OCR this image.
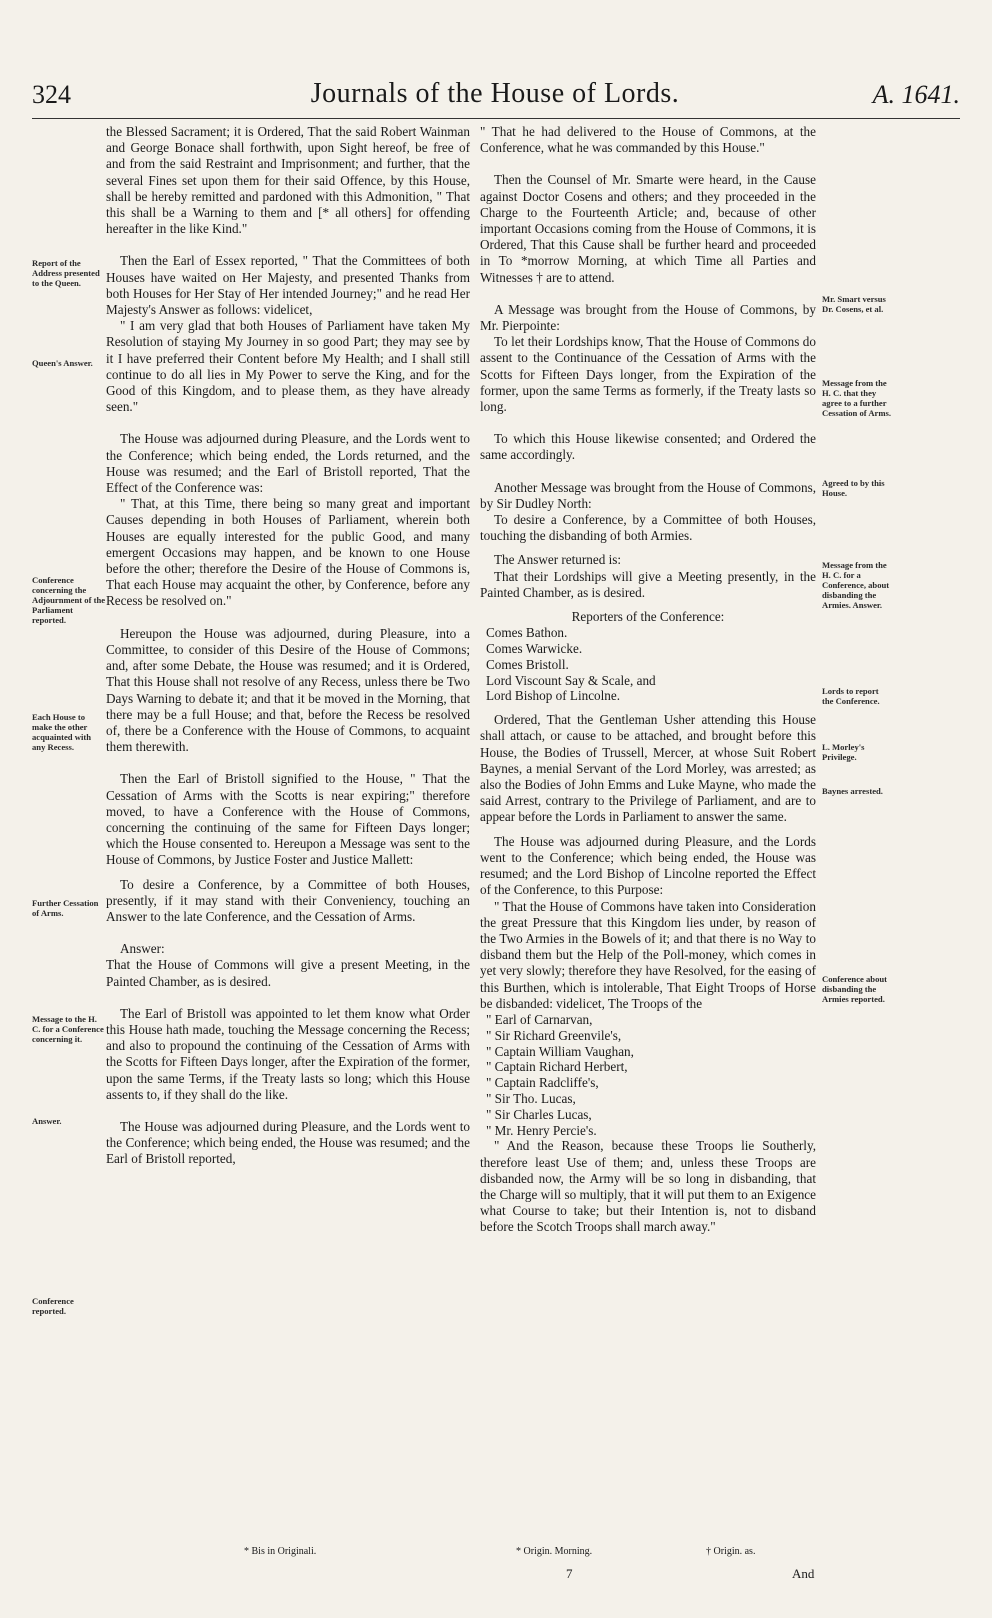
324	Journals of the House of Lords.	A. 1641.
Report of the Address presented to the Queen.
Queen's Answer.
Conference concerning the Adjournment of the Parliament reported.
Each House to make the other acquainted with any Recess.
Further Cessation of Arms.
Message to the H. C. for a Conference concerning it.
Answer.
Conference reported.

the Blessed Sacrament; it is Ordered, That the said Robert Wainman and George Bonace shall forthwith, upon Sight hereof, be free of and from the said Restraint and Imprisonment; and further, that the several Fines set upon them for their said Offence, by this House, shall be hereby remitted and pardoned with this Admonition, " That this shall be a Warning to them and [* all others] for offending hereafter in the like Kind."

Then the Earl of Essex reported, " That the Committees of both Houses have waited on Her Majesty, and presented Thanks from both Houses for Her Stay of Her intended Journey;" and he read Her Majesty's Answer as follows: videlicet,

" I am very glad that both Houses of Parliament have taken My Resolution of staying My Journey in so good Part; they may see by it I have preferred their Content before My Health; and I shall still continue to do all lies in My Power to serve the King, and for the Good of this Kingdom, and to please them, as they have already seen."

The House was adjourned during Pleasure, and the Lords went to the Conference; which being ended, the Lords returned, and the House was resumed; and the Earl of Bristoll reported, That the Effect of the Conference was:

" That, at this Time, there being so many great and important Causes depending in both Houses of Parliament, wherein both Houses are equally interested for the public Good, and many emergent Occasions may happen, and be known to one House before the other; therefore the Desire of the House of Commons is, That each House may acquaint the other, by Conference, before any Recess be resolved on."

Hereupon the House was adjourned, during Pleasure, into a Committee, to consider of this Desire of the House of Commons; and, after some Debate, the House was resumed; and it is Ordered, That this House shall not resolve of any Recess, unless there be Two Days Warning to debate it; and that it be moved in the Morning, that there may be a full House; and that, before the Recess be resolved of, there be a Conference with the House of Commons, to acquaint them therewith.

Then the Earl of Bristoll signified to the House, " That the Cessation of Arms with the Scotts is near expiring;" therefore moved, to have a Conference with the House of Commons, concerning the continuing of the same for Fifteen Days longer; which the House consented to. Hereupon a Message was sent to the House of Commons, by Justice Foster and Justice Mallett:

To desire a Conference, by a Committee of both Houses, presently, if it may stand with their Conveniency, touching an Answer to the late Conference, and the Cessation of Arms.

Answer:

That the House of Commons will give a present Meeting, in the Painted Chamber, as is desired.

The Earl of Bristoll was appointed to let them know what Order this House hath made, touching the Message concerning the Recess; and also to propound the continuing of the Cessation of Arms with the Scotts for Fifteen Days longer, after the Expiration of the former, upon the same Terms, if the Treaty lasts so long; which this House assents to, if they shall do the like.

The House was adjourned during Pleasure, and the Lords went to the Conference; which being ended, the House was resumed; and the Earl of Bristoll reported,

Mr. Smart versus Dr. Cosens, et al.
Message from the H. C. that they agree to a further Cessation of Arms.
Agreed to by this House.
Message from the H. C. for a Conference, about disbanding the Armies. Answer.
Lords to report the Conference.
L. Morley's Privilege.
Baynes arrested.
Conference about disbanding the Armies reported.

" That he had delivered to the House of Commons, at the Conference, what he was commanded by this House."

Then the Counsel of Mr. Smarte were heard, in the Cause against Doctor Cosens and others; and they proceeded in the Charge to the Fourteenth Article; and, because of other important Occasions coming from the House of Commons, it is Ordered, That this Cause shall be further heard and proceeded in To *morrow Morning, at which Time all Parties and Witnesses † are to attend.

A Message was brought from the House of Commons, by Mr. Pierpointe:

To let their Lordships know, That the House of Commons do assent to the Continuance of the Cessation of Arms with the Scotts for Fifteen Days longer, from the Expiration of the former, upon the same Terms as formerly, if the Treaty lasts so long.

To which this House likewise consented; and Ordered the same accordingly.

Another Message was brought from the House of Commons, by Sir Dudley North:

To desire a Conference, by a Committee of both Houses, touching the disbanding of both Armies.

The Answer returned is:

That their Lordships will give a Meeting presently, in the Painted Chamber, as is desired.

Reporters of the Conference:

Comes Bathon.
Comes Warwicke.
Comes Bristoll.
Lord Viscount Say & Scale, and
Lord Bishop of Lincolne.

Ordered, That the Gentleman Usher attending this House shall attach, or cause to be attached, and brought before this House, the Bodies of Trussell, Mercer, at whose Suit Robert Baynes, a menial Servant of the Lord Morley, was arrested; as also the Bodies of John Emms and Luke Mayne, who made the said Arrest, contrary to the Privilege of Parliament, and are to appear before the Lords in Parliament to answer the same.

The House was adjourned during Pleasure, and the Lords went to the Conference; which being ended, the House was resumed; and the Lord Bishop of Lincolne reported the Effect of the Conference, to this Purpose:

" That the House of Commons have taken into Consideration the great Pressure that this Kingdom lies under, by reason of the Two Armies in the Bowels of it; and that there is no Way to disband them but the Help of the Poll-money, which comes in yet very slowly; therefore they have Resolved, for the easing of this Burthen, which is intolerable, That Eight Troops of Horse be disbanded: videlicet, The Troops of the

" Earl of Carnarvan,
" Sir Richard Greenvile's,
" Captain William Vaughan,
" Captain Richard Herbert,
" Captain Radcliffe's,
" Sir Tho. Lucas,
" Sir Charles Lucas,
" Mr. Henry Percie's.

" And the Reason, because these Troops lie Southerly, therefore least Use of them; and, unless these Troops are disbanded now, the Army will be so long in disbanding, that the Charge will so multiply, that it will put them to an Exigence what Course to take; but their Intention is, not to disband before the Scotch Troops shall march away."

* Bis in Originali.	* Origin. Morning.	† Origin. as.
7	And
